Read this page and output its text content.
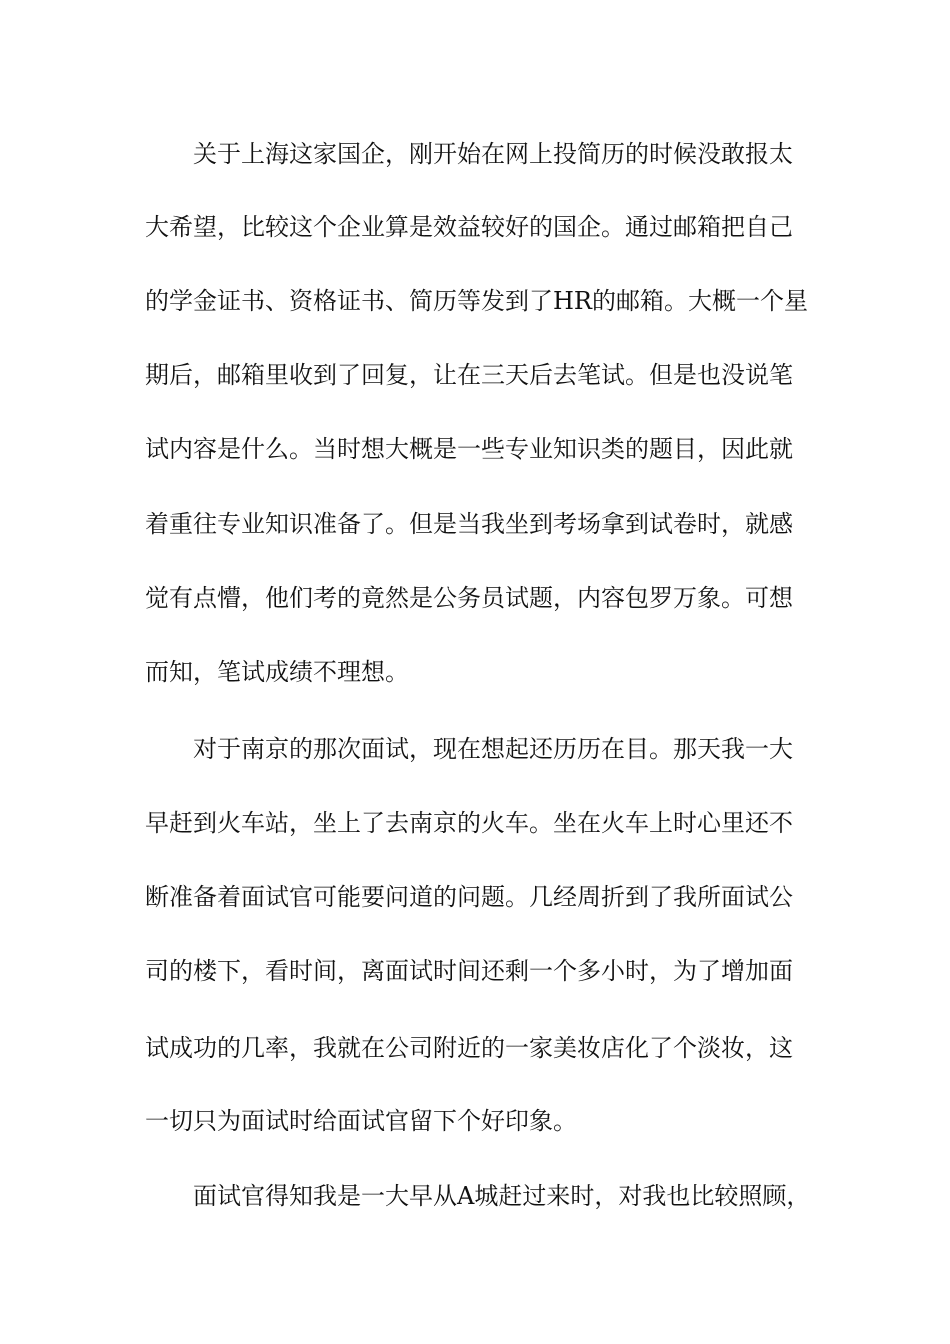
关于上海这家国企，刚开始在网上投简历的时候没敢报太
大希望，比较这个企业算是效益较好的国企。通过邮箱把自己
的学金证书、资格证书、简历等发到了HR的邮箱。大概一个星
期后，邮箱里收到了回复，让在三天后去笔试。但是也没说笔
试内容是什么。当时想大概是一些专业知识类的题目，因此就
着重往专业知识准备了。但是当我坐到考场拿到试卷时，就感
觉有点懵，他们考的竟然是公务员试题，内容包罗万象。可想
而知，笔试成绩不理想。
对于南京的那次面试，现在想起还历历在目。那天我一大
早赶到火车站，坐上了去南京的火车。坐在火车上时心里还不
断准备着面试官可能要问道的问题。几经周折到了我所面试公
司的楼下，看时间，离面试时间还剩一个多小时，为了增加面
试成功的几率，我就在公司附近的一家美妆店化了个淡妆，这
一切只为面试时给面试官留下个好印象。
面试官得知我是一大早从A城赶过来时，对我也比较照顾，
